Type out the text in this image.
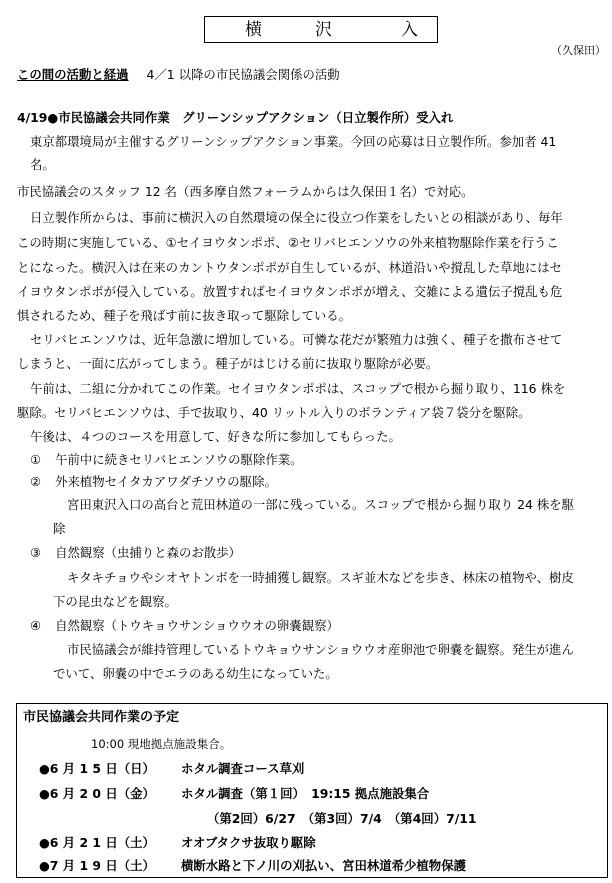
横	沢	入
（久保田）
この間の活動と経過 4／1 以降の市民協議会関係の活動
4/19●市民協議会共同作業　グリーンシップアクション（日立製作所）受入れ
東京都環境局が主催するグリーンシップアクション事業。今回の応募は日立製作所。参加者 41
名。
市民協議会のスタッフ 12 名（西多摩自然フォーラムからは久保田１名）で対応。
日立製作所からは、事前に横沢入の自然環境の保全に役立つ作業をしたいとの相談があり、毎年
この時期に実施している、①セイヨウタンポポ、②セリバヒエンソウの外来植物駆除作業を行うこ
とになった。横沢入は在来のカントウタンポポが自生しているが、林道沿いや撹乱した草地にはセ
イヨウタンポポが侵入している。放置すればセイヨウタンポポが増え、交雑による遺伝子撹乱も危
惧されるため、種子を飛ばす前に抜き取って駆除している。
セリバヒエンソウは、近年急激に増加している。可憐な花だが繁殖力は強く、種子を撒布させて
しまうと、一面に広がってしまう。種子がはじける前に抜取り駆除が必要。
午前は、二組に分かれてこの作業。セイヨウタンポポは、スコップで根から掘り取り、116 株を
駆除。セリバヒエンソウは、手で抜取り、40 リットル入りのボランティア袋７袋分を駆除。
午後は、４つのコースを用意して、好きな所に参加してもらった。
① 午前中に続きセリバヒエンソウの駆除作業。
② 外来植物セイタカアワダチソウの駆除。
宮田東沢入口の高台と荒田林道の一部に残っている。スコップで根から掘り取り 24 株を駆
除
③ 自然観察（虫捕りと森のお散歩）
キタキチョウやシオヤトンボを一時捕獲し観察。スギ並木などを歩き、林床の植物や、樹皮
下の昆虫などを観察。
④ 自然観察（トウキョウサンショウウオの卵嚢観察）
市民協議会が維持管理しているトウキョウサンショウウオ産卵池で卵嚢を観察。発生が進ん
でいて、卵嚢の中でエラのある幼生になっていた。
市民協議会共同作業の予定
10:00 現地拠点施設集合。
●6 月 1 5 日（日） ホタル調査コース草刈
●6 月 2 0 日（金） ホタル調査（第１回）　19:15 拠点施設集合
（第2回）6/27　（第3回）7/4　（第4回）7/11
●6 月 2 1 日（土） オオブタクサ抜取り駆除
●7 月 1 9 日（土） 横断水路と下ノ川の刈払い、宮田林道希少植物保護
